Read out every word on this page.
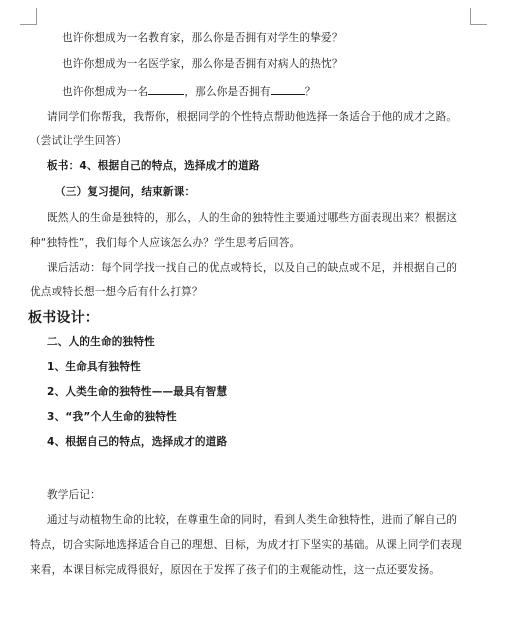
也许你想成为一名教育家，那么你是否拥有对学生的挚爱？
也许你想成为一名医学家，那么你是否拥有对病人的热忱？
也许你想成为一名	，那么你是否拥有	？
请同学们你帮我，我帮你，根据同学的个性特点帮助他选择一条适合于他的成才之路。
（尝试让学生回答）
板书：4、根据自己的特点，选择成才的道路
（三）复习提问，结束新课：
既然人的生命是独特的，那么，人的生命的独特性主要通过哪些方面表现出来？根据这
种“独特性”，我们每个人应该怎么办？学生思考后回答。
课后活动：每个同学找一找自己的优点或特长，以及自己的缺点或不足，并根据自己的
优点或特长想一想今后有什么打算？
板书设计：
二、人的生命的独特性
1、生命具有独特性
2、人类生命的独特性——最具有智慧
3、“我”个人生命的独特性
4、根据自己的特点，选择成才的道路
教学后记：
通过与动植物生命的比较，在尊重生命的同时，看到人类生命独特性，进而了解自己的
特点，切合实际地选择适合自己的理想、目标，为成才打下坚实的基础。从课上同学们表现
来看，本课目标完成得很好，原因在于发挥了孩子们的主观能动性，这一点还要发扬。
